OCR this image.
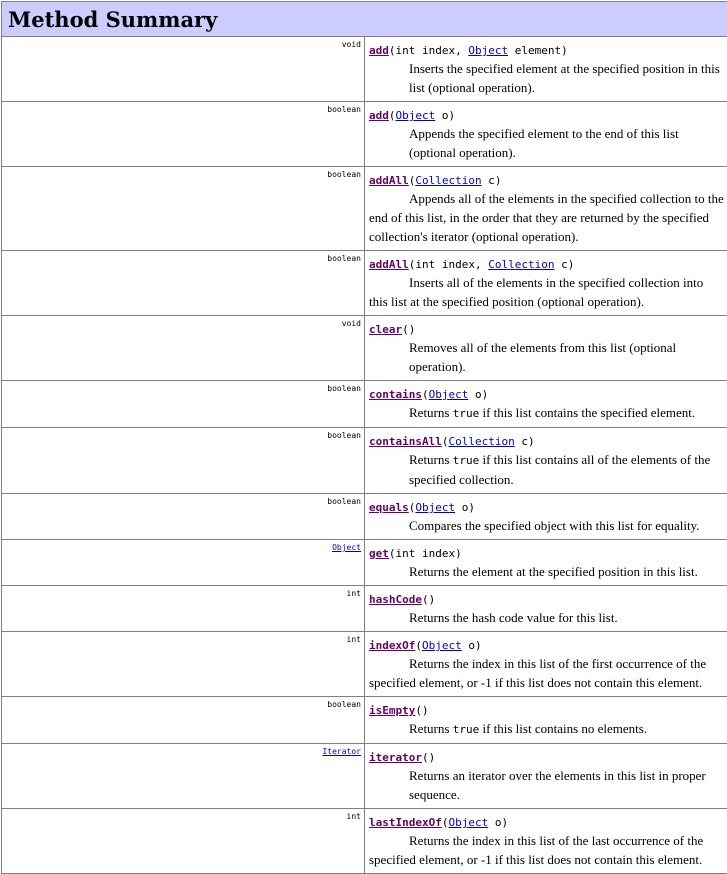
Method Summary	
void	add(int index, Object element)
Inserts the specified element at the specified position in this list (optional operation).

boolean	add(Object o)
Appends the specified element to the end of this list (optional operation).

boolean	addAll(Collection c)
Appends all of the elements in the specified collection to the end of this list, in the order that they are returned by the specified collection's iterator (optional operation).

boolean	addAll(int index, Collection c)
Inserts all of the elements in the specified collection into this list at the specified position (optional operation).

void	clear()
Removes all of the elements from this list (optional operation).

boolean	contains(Object o)
Returns true if this list contains the specified element.

boolean	containsAll(Collection c)
Returns true if this list contains all of the elements of the specified collection.

boolean	equals(Object o)
Compares the specified object with this list for equality.

Object	get(int index)
Returns the element at the specified position in this list.

int	hashCode()
Returns the hash code value for this list.

int	indexOf(Object o)
Returns the index in this list of the first occurrence of the specified element, or -1 if this list does not contain this element.

boolean	isEmpty()
Returns true if this list contains no elements.

Iterator	iterator()
Returns an iterator over the elements in this list in proper sequence.

int	lastIndexOf(Object o)
Returns the index in this list of the last occurrence of the specified element, or -1 if this list does not contain this element.
